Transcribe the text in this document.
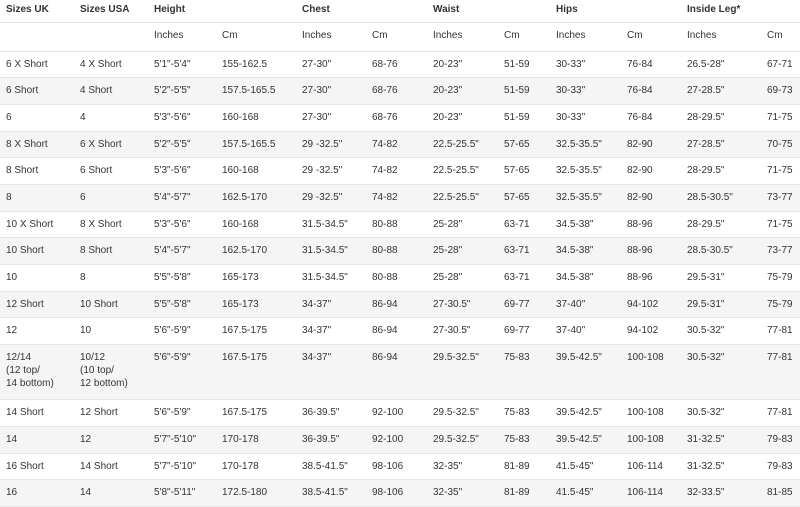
Sizes UK	Sizes USA	Height		Chest		Waist		Hips		Inside Leg*	
		Inches	Cm	Inches	Cm	Inches	Cm	Inches	Cm	Inches	Cm
6 X Short	4 X Short	5'1"-5'4"	155-162.5	27-30"	68-76	20-23"	51-59	30-33"	76-84	26.5-28"	67-71
6 Short	4 Short	5'2"-5'5"	157.5-165.5	27-30"	68-76	20-23"	51-59	30-33"	76-84	27-28.5"	69-73
6	4	5'3"-5'6"	160-168	27-30"	68-76	20-23"	51-59	30-33"	76-84	28-29.5"	71-75
8 X Short	6 X Short	5'2"-5'5"	157.5-165.5	29 -32.5"	74-82	22.5-25.5"	57-65	32.5-35.5"	82-90	27-28.5"	70-75
8 Short	6 Short	5'3"-5'6"	160-168	29 -32.5"	74-82	22.5-25.5"	57-65	32.5-35.5"	82-90	28-29.5"	71-75
8	6	5'4"-5'7"	162.5-170	29 -32.5"	74-82	22.5-25.5"	57-65	32.5-35.5"	82-90	28.5-30.5"	73-77
10 X Short	8 X Short	5'3"-5'6"	160-168	31.5-34.5"	80-88	25-28"	63-71	34.5-38"	88-96	28-29.5"	71-75
10 Short	8 Short	5'4"-5'7"	162.5-170	31.5-34.5"	80-88	25-28"	63-71	34.5-38"	88-96	28.5-30.5"	73-77
10	8	5'5"-5'8"	165-173	31.5-34.5"	80-88	25-28"	63-71	34.5-38"	88-96	29.5-31"	75-79
12 Short	10 Short	5'5"-5'8"	165-173	34-37"	86-94	27-30.5"	69-77	37-40"	94-102	29.5-31"	75-79
12	10	5'6"-5'9"	167.5-175	34-37"	86-94	27-30.5"	69-77	37-40"	94-102	30.5-32"	77-81
12/14
(12 top/
14 bottom)	10/12
(10 top/
12 bottom)	5'6"-5'9"	167.5-175	34-37"	86-94	29.5-32.5"	75-83	39.5-42.5"	100-108	30.5-32"	77-81
14 Short	12 Short	5'6"-5'9"	167.5-175	36-39.5"	92-100	29.5-32.5"	75-83	39.5-42.5"	100-108	30.5-32"	77-81
14	12	5'7"-5'10"	170-178	36-39.5"	92-100	29.5-32.5"	75-83	39.5-42.5"	100-108	31-32.5"	79-83
16 Short	14 Short	5'7"-5'10"	170-178	38.5-41.5"	98-106	32-35"	81-89	41.5-45"	106-114	31-32.5"	79-83
16	14	5'8"-5'11"	172.5-180	38.5-41.5"	98-106	32-35"	81-89	41.5-45"	106-114	32-33.5"	81-85
